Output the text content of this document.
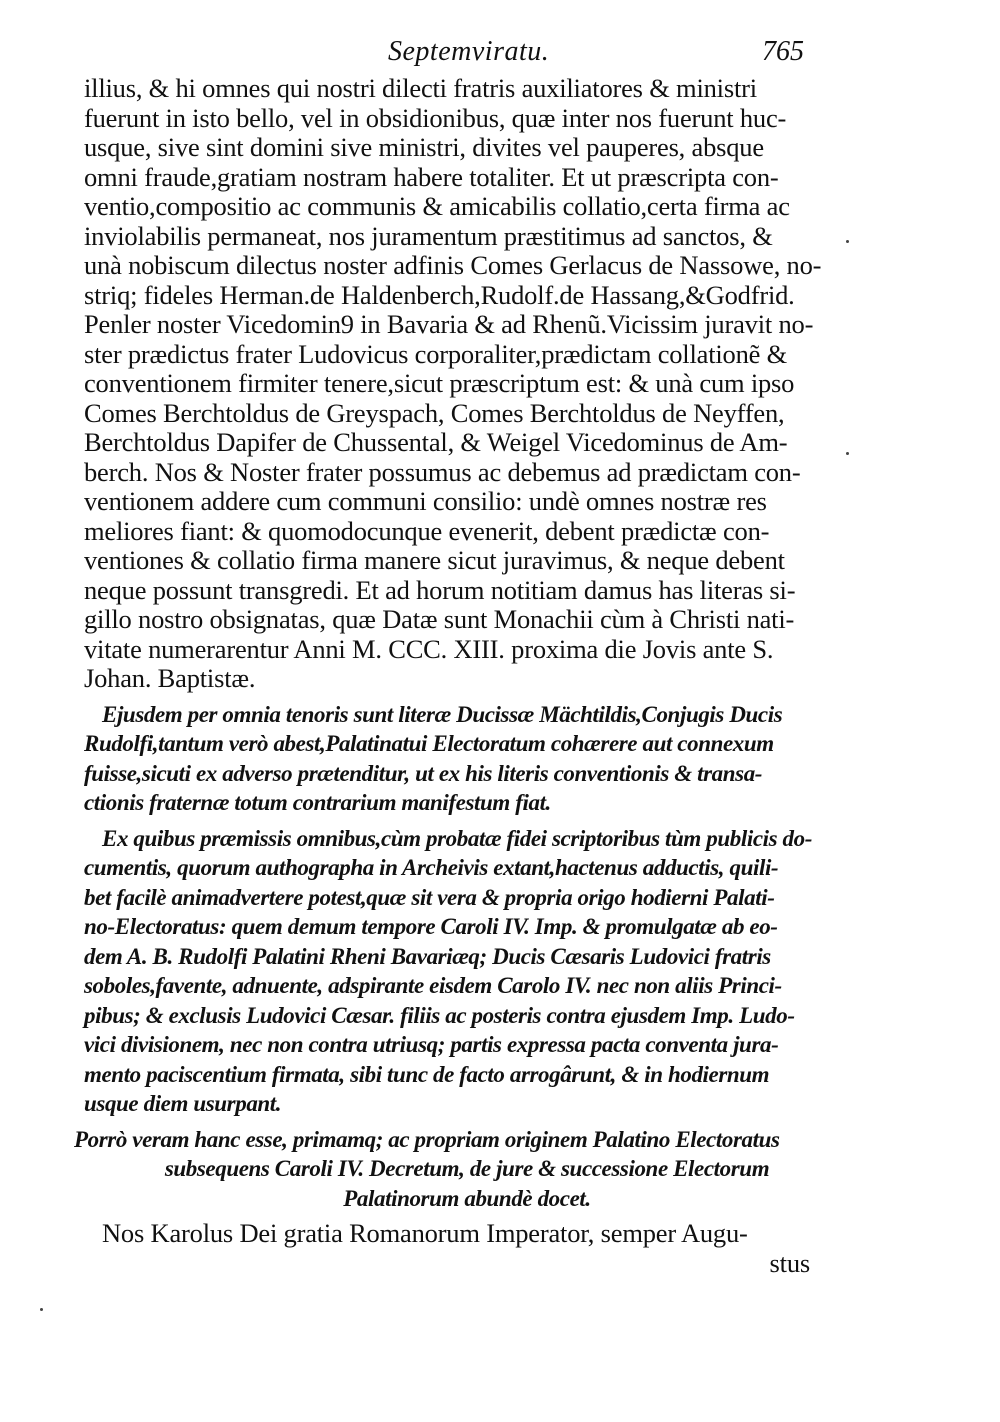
Septemviratu.	765
illius, & hi omnes qui nostri dilecti fratris auxiliatores & ministri
fuerunt in isto bello, vel in obsidionibus, quæ inter nos fuerunt huc-
usque, sive sint domini sive ministri, divites vel pauperes, absque
omni fraude,gratiam nostram habere totaliter. Et ut præscripta con-
ventio,compositio ac communis & amicabilis collatio,certa firma ac
inviolabilis permaneat, nos juramentum præstitimus ad sanctos, &
unà nobiscum dilectus noster adfinis Comes Gerlacus de Nassowe, no-
striq; fideles Herman.de Haldenberch,Rudolf.de Hassang,&Godfrid.
Penler noster Vicedomin9 in Bavaria & ad Rhenũ.Vicissim juravit no-
ster prædictus frater Ludovicus corporaliter,prædictam collationẽ &
conventionem firmiter tenere,sicut præscriptum est: & unà cum ipso
Comes Berchtoldus de Greyspach, Comes Berchtoldus de Neyffen,
Berchtoldus Dapifer de Chussental, & Weigel Vicedominus de Am-
berch. Nos & Noster frater possumus ac debemus ad prædictam con-
ventionem addere cum communi consilio: undè omnes nostræ res
meliores fiant: & quomodocunque evenerit, debent prædictæ con-
ventiones & collatio firma manere sicut juravimus, & neque debent
neque possunt transgredi. Et ad horum notitiam damus has literas si-
gillo nostro obsignatas, quæ Datæ sunt Monachii cùm à Christi nati-
vitate numerarentur Anni M. CCC. XIII. proxima die Jovis ante S.
Johan. Baptistæ.
Ejusdem per omnia tenoris sunt literæ Ducissæ Mächtildis,Conjugis Ducis
Rudolfi,tantum verò abest,Palatinatui Electoratum cohærere aut connexum
fuisse,sicuti ex adverso prætenditur, ut ex his literis conventionis & transa-
ctionis fraternæ totum contrarium manifestum fiat.
Ex quibus præmissis omnibus,cùm probatæ fidei scriptoribus tùm publicis do-
cumentis, quorum authographa in Archeivis extant,hactenus adductis, quili-
bet facilè animadvertere potest,quæ sit vera & propria origo hodierni Palati-
no-Electoratus: quem demum tempore Caroli IV. Imp. & promulgatæ ab eo-
dem A. B. Rudolfi Palatini Rheni Bavariæq; Ducis Cæsaris Ludovici fratris
soboles,favente, adnuente, adspirante eisdem Carolo IV. nec non aliis Princi-
pibus; & exclusis Ludovici Cæsar. filiis ac posteris contra ejusdem Imp. Ludo-
vici divisionem, nec non contra utriusq; partis expressa pacta conventa jura-
mento paciscentium firmata, sibi tunc de facto arrogârunt, & in hodiernum
usque diem usurpant.
Porrò veram hanc esse, primamq; ac propriam originem Palatino Electoratus
subsequens Caroli IV. Decretum, de jure & successione Electorum
Palatinorum abundè docet.
Nos Karolus Dei gratia Romanorum Imperator, semper Augu-
stus
